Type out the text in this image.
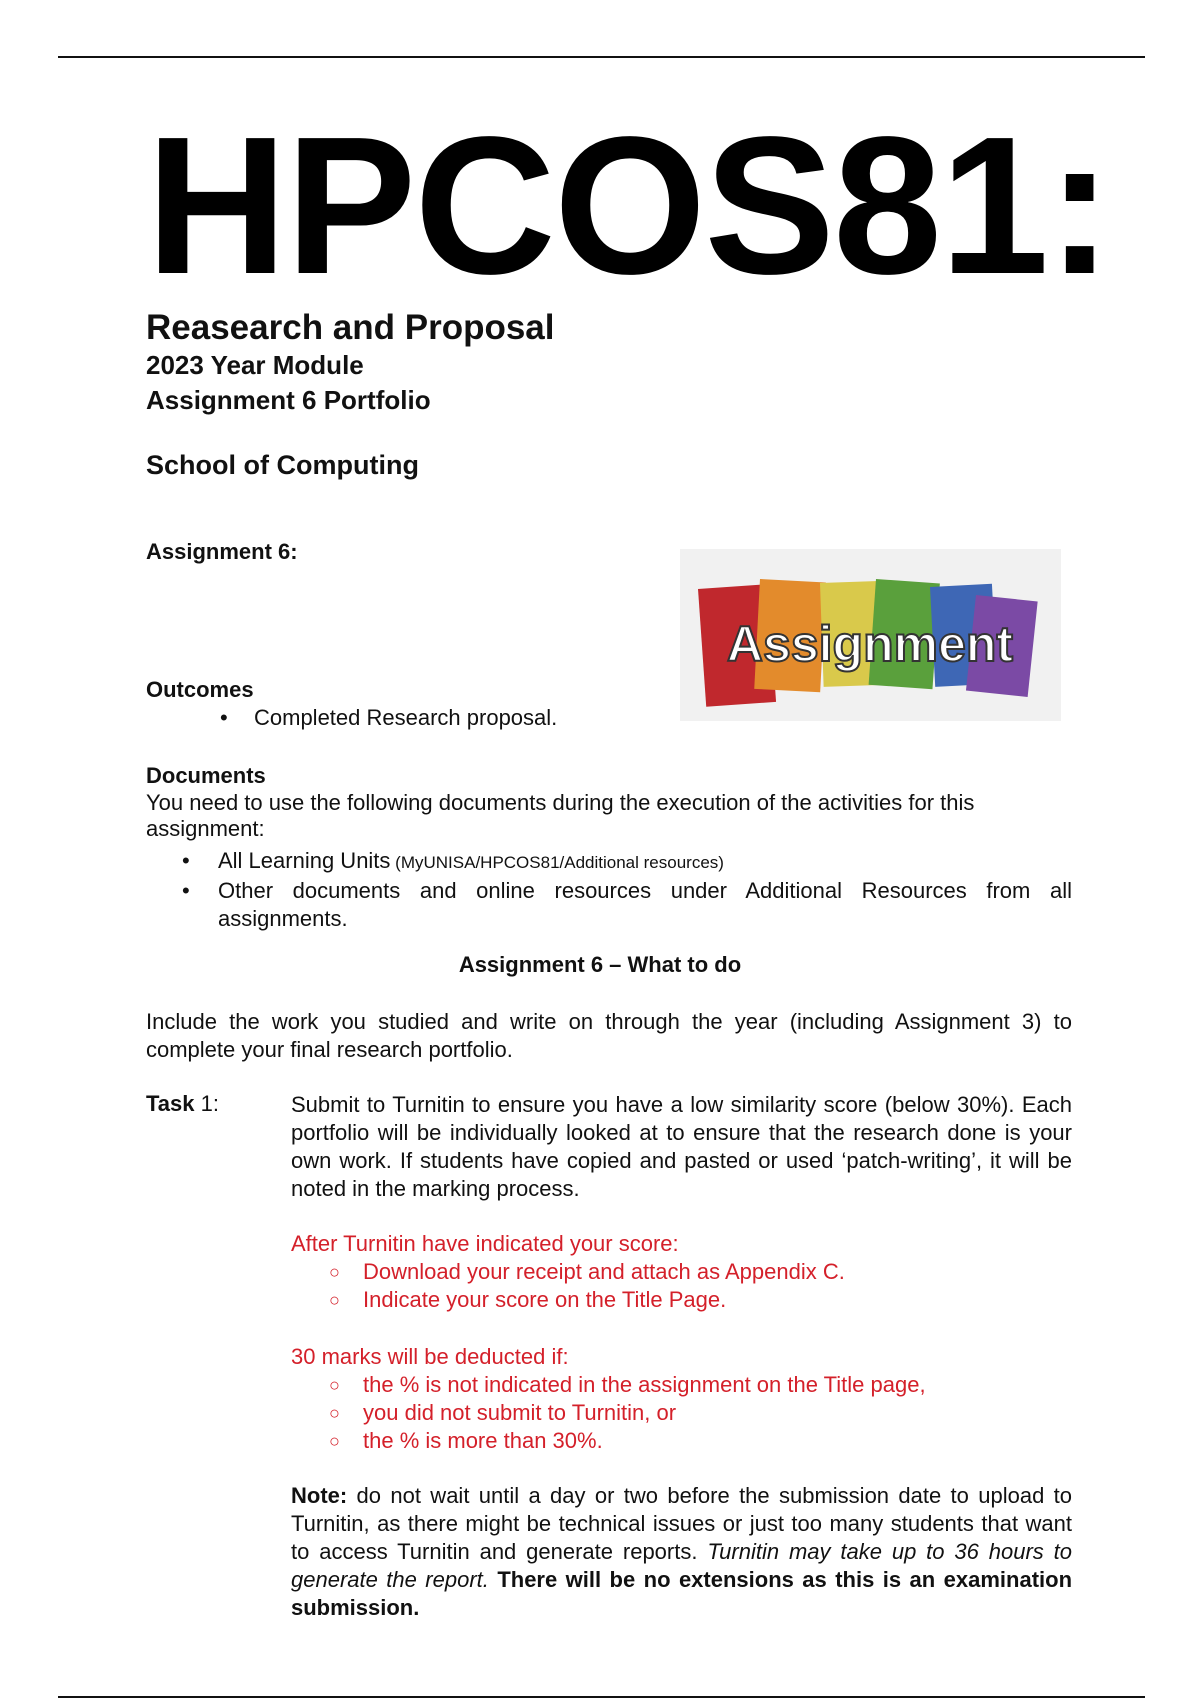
HPCOS81:
Reasearch and Proposal
2023 Year Module
Assignment 6 Portfolio
School of Computing
Assignment 6:
Assignment
Outcomes
• Completed Research proposal.
Documents
You need to use the following documents during the execution of the activities for this assignment:
• All Learning Units (MyUNISA/HPCOS81/Additional resources)
• Other documents and online resources under Additional Resources from all assignments.
Assignment 6 – What to do
Include the work you studied and write on through the year (including Assignment 3) to complete your final research portfolio.
Task 1:	Submit to Turnitin to ensure you have a low similarity score (below 30%). Each portfolio will be individually looked at to ensure that the research done is your own work. If students have copied and pasted or used ‘patch-writing’, it will be noted in the marking process.
After Turnitin have indicated your score:
○ Download your receipt and attach as Appendix C.
○ Indicate your score on the Title Page.
30 marks will be deducted if:
○ the % is not indicated in the assignment on the Title page,
○ you did not submit to Turnitin, or
○ the % is more than 30%.
Note: do not wait until a day or two before the submission date to upload to Turnitin, as there might be technical issues or just too many students that want to access Turnitin and generate reports. Turnitin may take up to 36 hours to generate the report. There will be no extensions as this is an examination submission.
